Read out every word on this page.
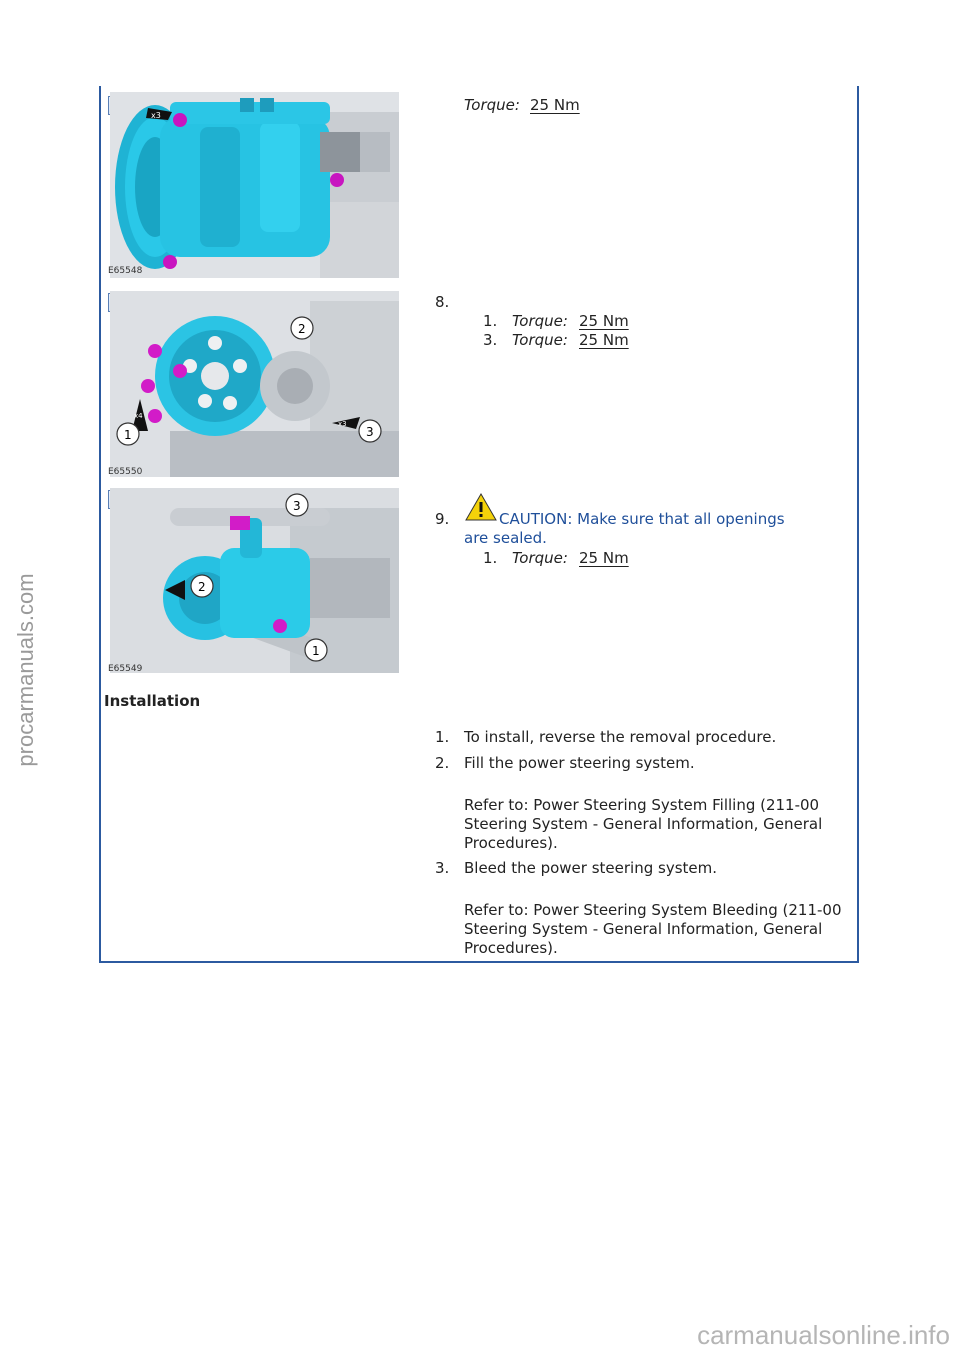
x3
E65548
Torque: 25 Nm
1
2
3
x4
x3
E65550
8.
1. Torque: 25 Nm
3. Torque: 25 Nm
2
3
1
E65549
9.	CAUTION: Make sure that all openings
are sealed.
1. Torque: 25 Nm
Installation
1. To install, reverse the removal procedure.
2. Fill the power steering system.
Refer to: Power Steering System Filling (211-00 Steering System - General Information, General Procedures).
3. Bleed the power steering system.
Refer to: Power Steering System Bleeding (211-00 Steering System - General Information, General Procedures).
procarmanuals.com
carmanualsonline.info
